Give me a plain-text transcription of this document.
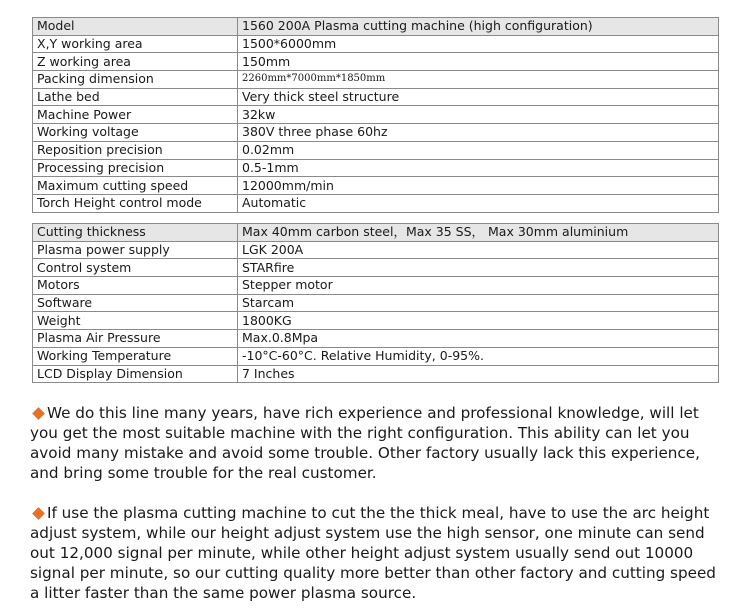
Model	1560 200A Plasma cutting machine (high configuration)
X,Y working area	1500*6000mm
Z working area	150mm
Packing dimension	2260mm*7000mm*1850mm
Lathe bed	Very thick steel structure
Machine Power	32kw
Working voltage	380V three phase 60hz
Reposition precision	0.02mm
Processing precision	0.5-1mm
Maximum cutting speed	12000mm/min
Torch Height control mode	Automatic
Cutting thickness	Max 40mm carbon steel，Max 35 SS， Max 30mm aluminium
Plasma power supply	LGK 200A
Control system	STARfire
Motors	Stepper motor
Software	Starcam
Weight	1800KG
Plasma Air Pressure	Max.0.8Mpa
Working Temperature	-10°C-60°C. Relative Humidity, 0-95%.
LCD Display Dimension	7 Inches

We do this line many years, have rich experience and professional knowledge, will let you get the most suitable machine with the right configuration. This ability can let you avoid many mistake and avoid some trouble. Other factory usually lack this experience, and bring some trouble for the real customer.

If use the plasma cutting machine to cut the the thick meal, have to use the arc height adjust system, while our height adjust system use the high sensor, one minute can send out 12,000 signal per minute, while other height adjust system usually send out 10000 signal per minute, so our cutting quality more better than other factory and cutting speed a litter faster than the same power plasma source.
